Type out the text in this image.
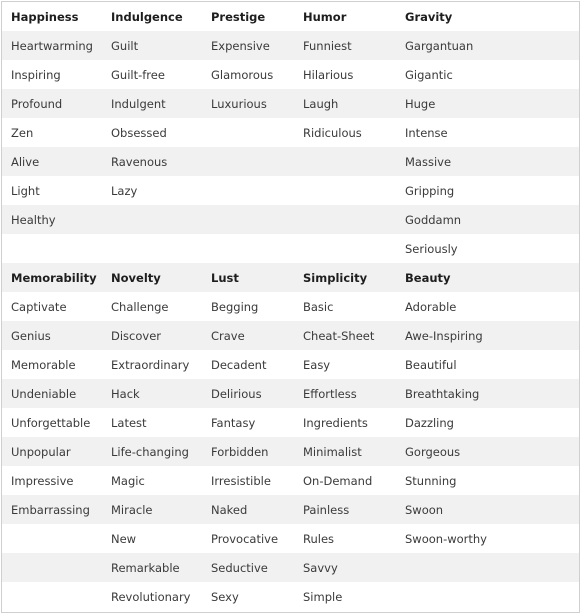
Happiness	Indulgence	Prestige	Humor	Gravity
Heartwarming	Guilt	Expensive	Funniest	Gargantuan
Inspiring	Guilt-free	Glamorous	Hilarious	Gigantic
Profound	Indulgent	Luxurious	Laugh	Huge
Zen	Obsessed		Ridiculous	Intense
Alive	Ravenous			Massive
Light	Lazy			Gripping
Healthy				Goddamn
				Seriously
Memorability	Novelty	Lust	Simplicity	Beauty
Captivate	Challenge	Begging	Basic	Adorable
Genius	Discover	Crave	Cheat-Sheet	Awe-Inspiring
Memorable	Extraordinary	Decadent	Easy	Beautiful
Undeniable	Hack	Delirious	Effortless	Breathtaking
Unforgettable	Latest	Fantasy	Ingredients	Dazzling
Unpopular	Life-changing	Forbidden	Minimalist	Gorgeous
Impressive	Magic	Irresistible	On-Demand	Stunning
Embarrassing	Miracle	Naked	Painless	Swoon
	New	Provocative	Rules	Swoon-worthy
	Remarkable	Seductive	Savvy	
	Revolutionary	Sexy	Simple	
